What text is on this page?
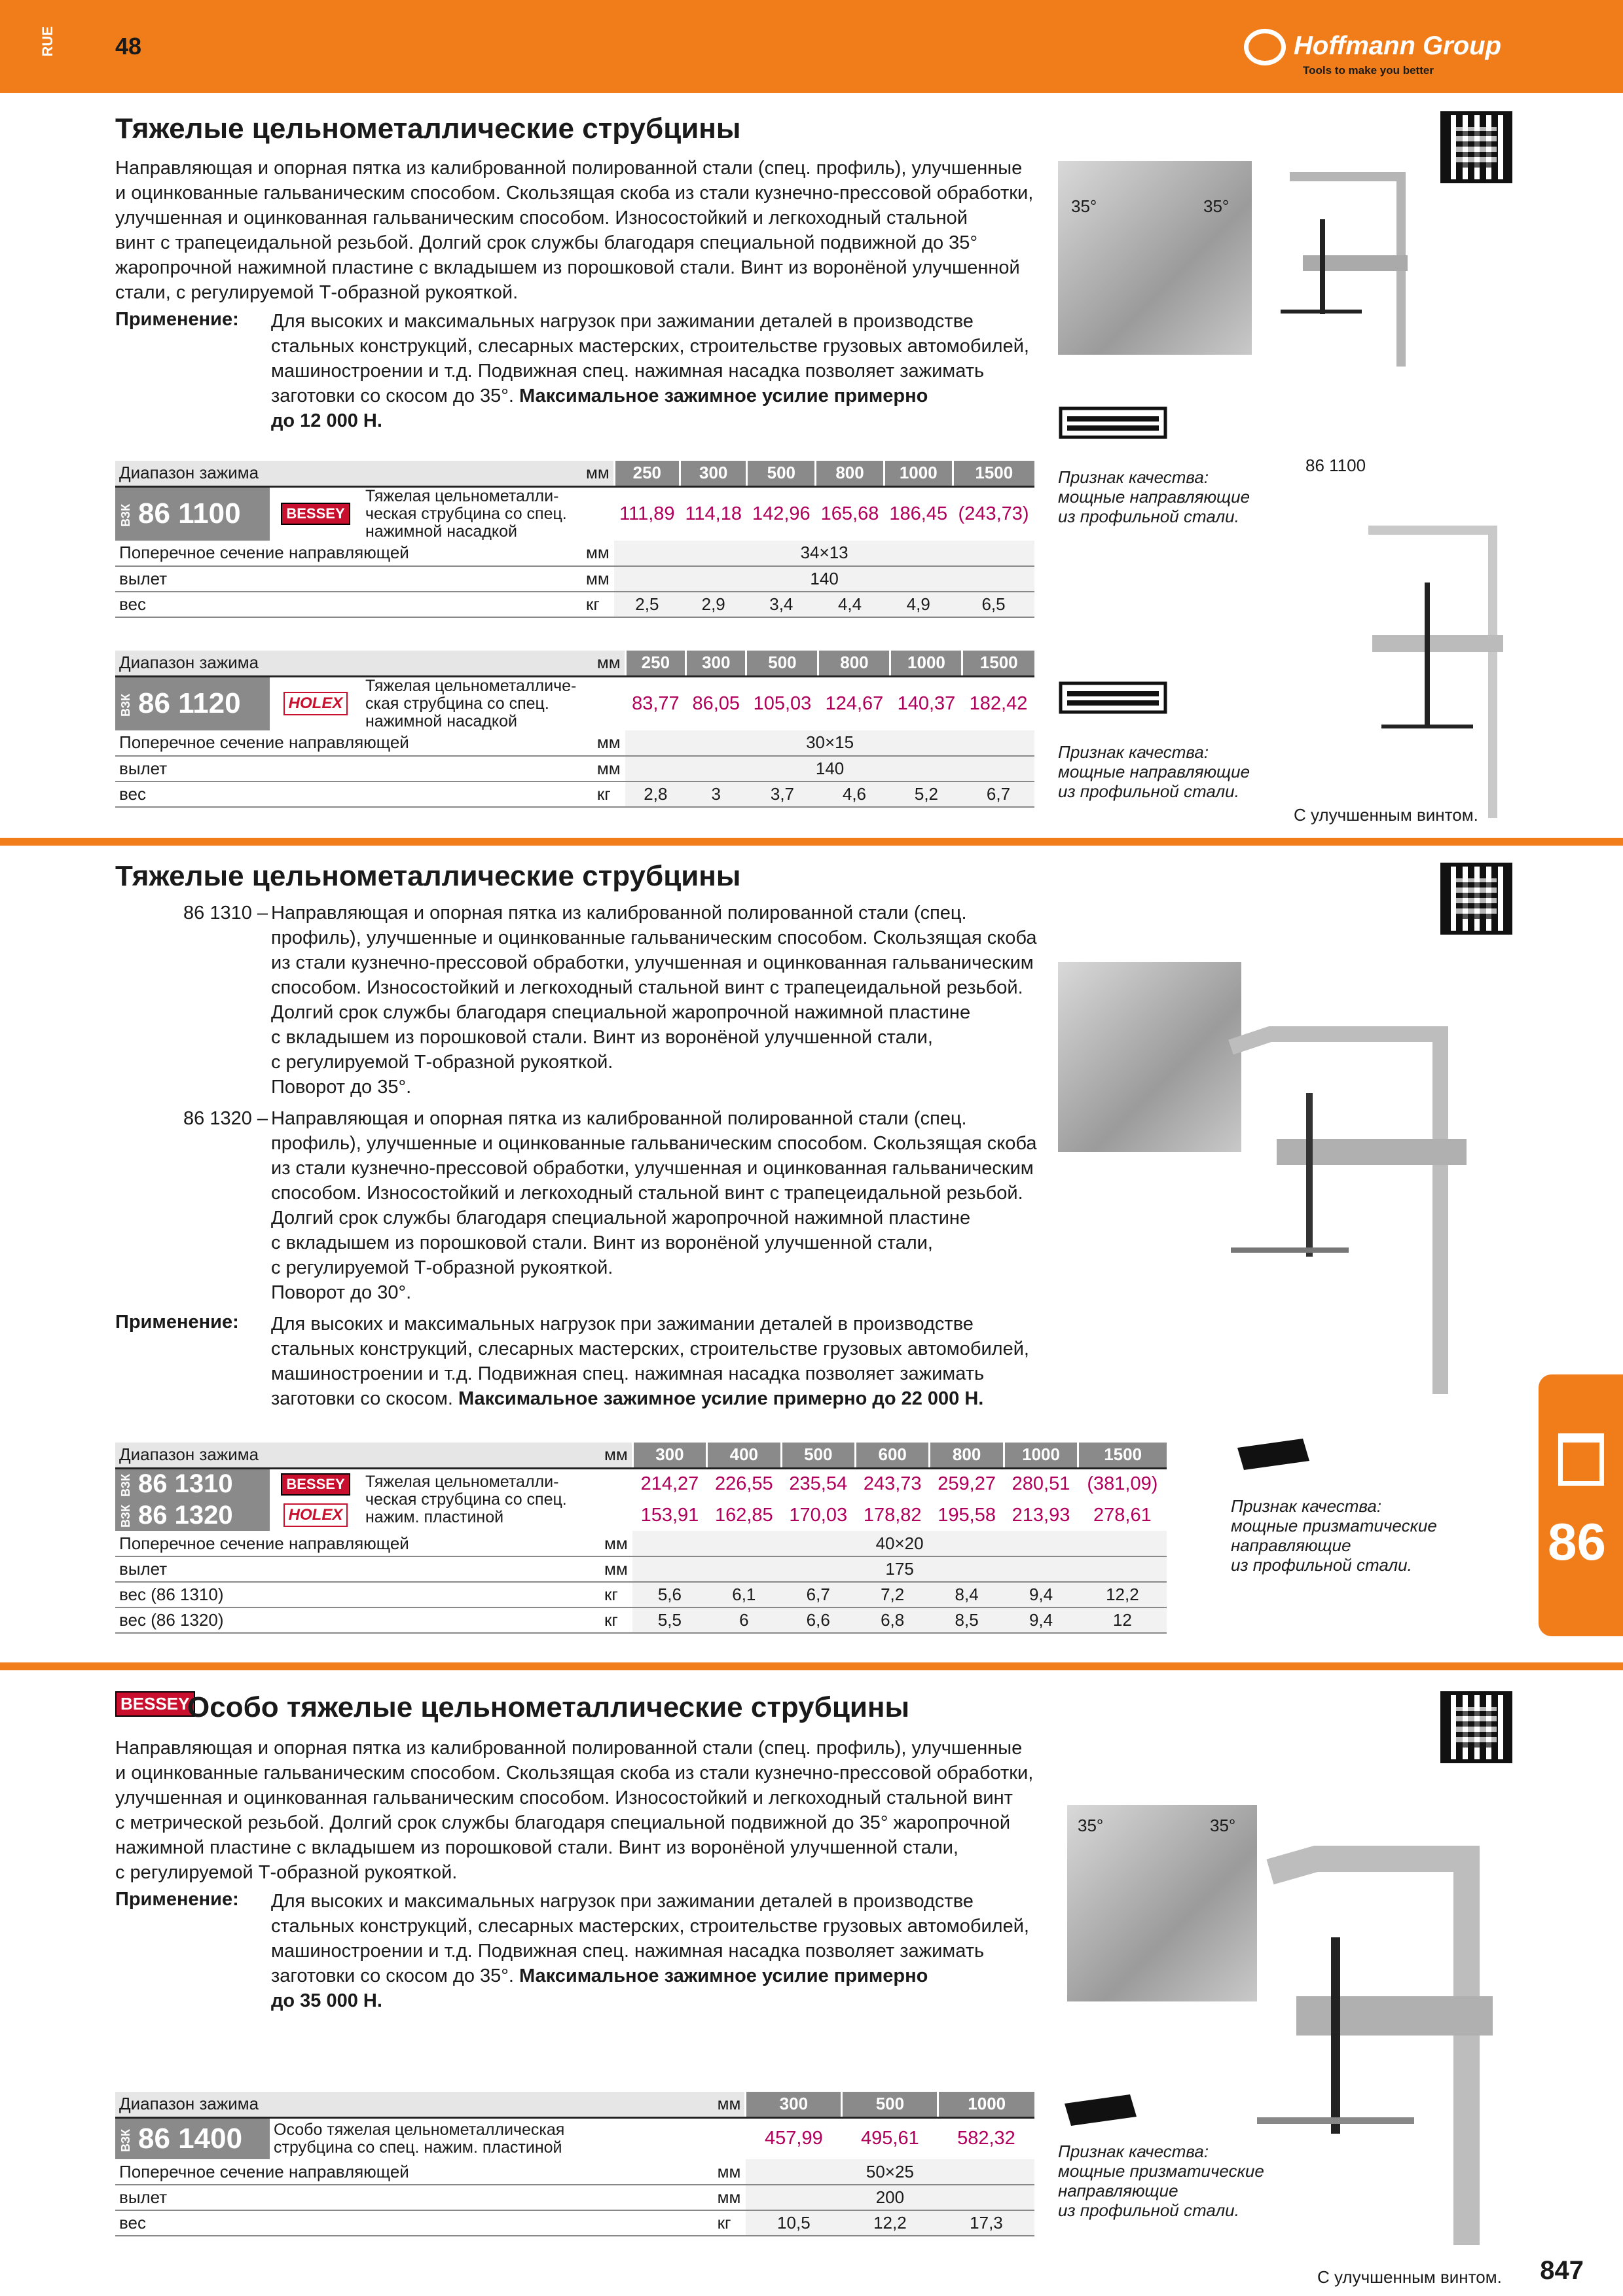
RUE	48	Hoffmann Group
Tools to make you better
Тяжелые цельнометаллические струбцины
Направляющая и опорная пятка из калиброванной полированной стали (спец. профиль), улучшенные
и оцинкованные гальваническим способом. Скользящая скоба из стали кузнечно-прессовой обработки,
улучшенная и оцинкованная гальваническим способом. Износостойкий и легкоходный стальной
винт с трапецеидальной резьбой. Долгий срок службы благодаря специальной подвижной до 35°
жаропрочной нажимной пластине с вкладышем из порошковой стали. Винт из воронёной улучшенной
стали, с регулируемой Т-образной рукояткой.
Применение: Для высоких и максимальных нагрузок при зажимании деталей в производстве
стальных конструкций, слесарных мастерских, строительстве грузовых автомобилей,
машиностроении и т.д. Подвижная спец. нажимная насадка позволяет зажимать
заготовки со скосом до 35°. Максимальное зажимное усилие примерно
до 12 000 Н.
35°	35°
86 1100
Признак качества:
мощные направляющие
из профильной стали.
Признак качества:
мощные направляющие
из профильной стали.
С улучшенным винтом.
Диапазон зажима			мм	250	300	500	800	1000	1500
ВЗК 86 1100	BESSEY	Тяжелая цельнометалли-
ческая струбцина со спец.
нажимной насадкой		111,89	114,18	142,96	165,68	186,45	(243,73)
Поперечное сечение направляющей			мм	34×13					
вылет			мм	140					
вес			кг	2,5	2,9	3,4	4,4	4,9	6,5
Диапазон зажима			мм	250	300	500	800	1000	1500
ВЗК 86 1120	HOLEX	Тяжелая цельнометалличе-
ская струбцина со спец.
нажимной насадкой		83,77	86,05	105,03	124,67	140,37	182,42
Поперечное сечение направляющей			мм	30×15					
вылет			мм	140					
вес			кг	2,8	3	3,7	4,6	5,2	6,7
Тяжелые цельнометаллические струбцины
86 1310 – Направляющая и опорная пятка из калиброванной полированной стали (спец.
профиль), улучшенные и оцинкованные гальваническим способом. Скользящая скоба
из стали кузнечно-прессовой обработки, улучшенная и оцинкованная гальваническим
способом. Износостойкий и легкоходный стальной винт с трапецеидальной резьбой.
Долгий срок службы благодаря специальной жаропрочной нажимной пластине
с вкладышем из порошковой стали. Винт из воронёной улучшенной стали,
с регулируемой Т-образной рукояткой.
Поворот до 35°.
86 1320 – Направляющая и опорная пятка из калиброванной полированной стали (спец.
профиль), улучшенные и оцинкованные гальваническим способом. Скользящая скоба
из стали кузнечно-прессовой обработки, улучшенная и оцинкованная гальваническим
способом. Износостойкий и легкоходный стальной винт с трапецеидальной резьбой.
Долгий срок службы благодаря специальной жаропрочной нажимной пластине
с вкладышем из порошковой стали. Винт из воронёной улучшенной стали,
с регулируемой Т-образной рукояткой.
Поворот до 30°.
Применение: Для высоких и максимальных нагрузок при зажимании деталей в производстве
стальных конструкций, слесарных мастерских, строительстве грузовых автомобилей,
машиностроении и т.д. Подвижная спец. нажимная насадка позволяет зажимать
заготовки со скосом. Максимальное зажимное усилие примерно до 22 000 Н.
Признак качества:
мощные призматические
направляющие
из профильной стали.
Диапазон зажима			мм	300	400	500	600	800	1000	1500
ВЗК 86 1310	BESSEY	Тяжелая цельнометалли-
ческая струбцина со спец.
нажим. пластиной		214,27	226,55	235,54	243,73	259,27	280,51	(381,09)
ВЗК 86 1320	HOLEX			153,91	162,85	170,03	178,82	195,58	213,93	278,61
Поперечное сечение направляющей			мм	40×20						
вылет			мм	175						
вес (86 1310)			кг	5,6	6,1	6,7	7,2	8,4	9,4	12,2
вес (86 1320)			кг	5,5	6	6,6	6,8	8,5	9,4	12
BESSEY
Особо тяжелые цельнометаллические струбцины
Направляющая и опорная пятка из калиброванной полированной стали (спец. профиль), улучшенные
и оцинкованные гальваническим способом. Скользящая скоба из стали кузнечно-прессовой обработки,
улучшенная и оцинкованная гальваническим способом. Износостойкий и легкоходный стальной винт
с метрической резьбой. Долгий срок службы благодаря специальной подвижной до 35° жаропрочной
нажимной пластине с вкладышем из порошковой стали. Винт из воронёной улучшенной стали,
с регулируемой Т-образной рукояткой.
Применение: Для высоких и максимальных нагрузок при зажимании деталей в производстве
стальных конструкций, слесарных мастерских, строительстве грузовых автомобилей,
машиностроении и т.д. Подвижная спец. нажимная насадка позволяет зажимать
заготовки со скосом до 35°. Максимальное зажимное усилие примерно
до 35 000 Н.
35°	35°
Признак качества:
мощные призматические
направляющие
из профильной стали.
С улучшенным винтом.
Диапазон зажима		мм	300	500	1000
ВЗК 86 1400	Особо тяжелая цельнометаллическая
струбцина со спец. нажим. пластиной		457,99	495,61	582,32
Поперечное сечение направляющей		мм	50×25		
вылет		мм	200		
вес		кг	10,5	12,2	17,3
86
847
